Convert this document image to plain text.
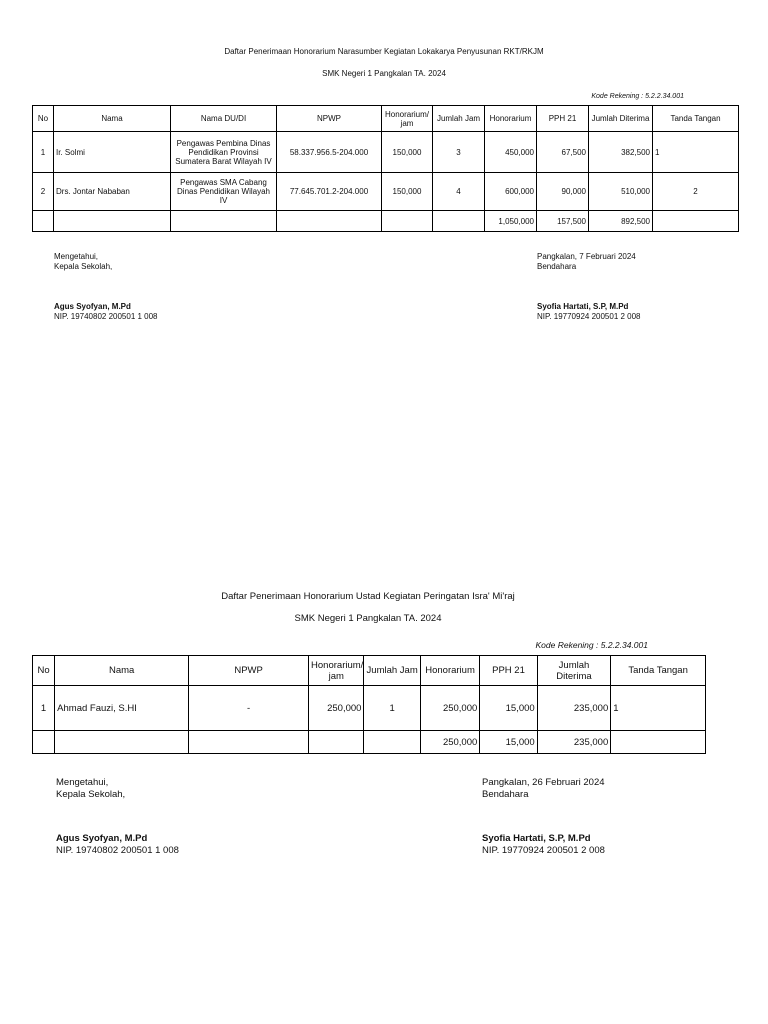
Daftar Penerimaan Honorarium Narasumber Kegiatan Lokakarya Penyusunan RKT/RKJM
SMK Negeri 1 Pangkalan TA. 2024
Kode Rekening : 5.2.2.34.001
No	Nama	Nama DU/DI	NPWP	Honorarium/ jam	Jumlah Jam	Honorarium	PPH 21	Jumlah Diterima	Tanda Tangan
1	Ir. Solmi	Pengawas Pembina Dinas Pendidikan Provinsi Sumatera Barat Wilayah IV	58.337.956.5-204.000	150,000	3	450,000	67,500	382,500	1
2	Drs. Jontar Nababan	Pengawas SMA Cabang Dinas Pendidikan Wilayah IV	77.645.701.2-204.000	150,000	4	600,000	90,000	510,000	2
						1,050,000	157,500	892,500	
Mengetahui,
Kepala Sekolah,
Agus Syofyan, M.Pd
NIP. 19740802 200501 1 008
Pangkalan, 7 Februari 2024
Bendahara
Syofia Hartati, S.P, M.Pd
NIP. 19770924 200501 2 008
Daftar Penerimaan Honorarium Ustad Kegiatan Peringatan Isra' Mi'raj
SMK Negeri 1 Pangkalan TA. 2024
Kode Rekening : 5.2.2.34.001
No	Nama	NPWP	Honorarium/ jam	Jumlah Jam	Honorarium	PPH 21	Jumlah Diterima	Tanda Tangan
1	Ahmad Fauzi, S.HI	-	250,000	1	250,000	15,000	235,000	1
					250,000	15,000	235,000	
Mengetahui,
Kepala Sekolah,
Agus Syofyan, M.Pd
NIP. 19740802 200501 1 008
Pangkalan, 26 Februari 2024
Bendahara
Syofia Hartati, S.P, M.Pd
NIP. 19770924 200501 2 008
